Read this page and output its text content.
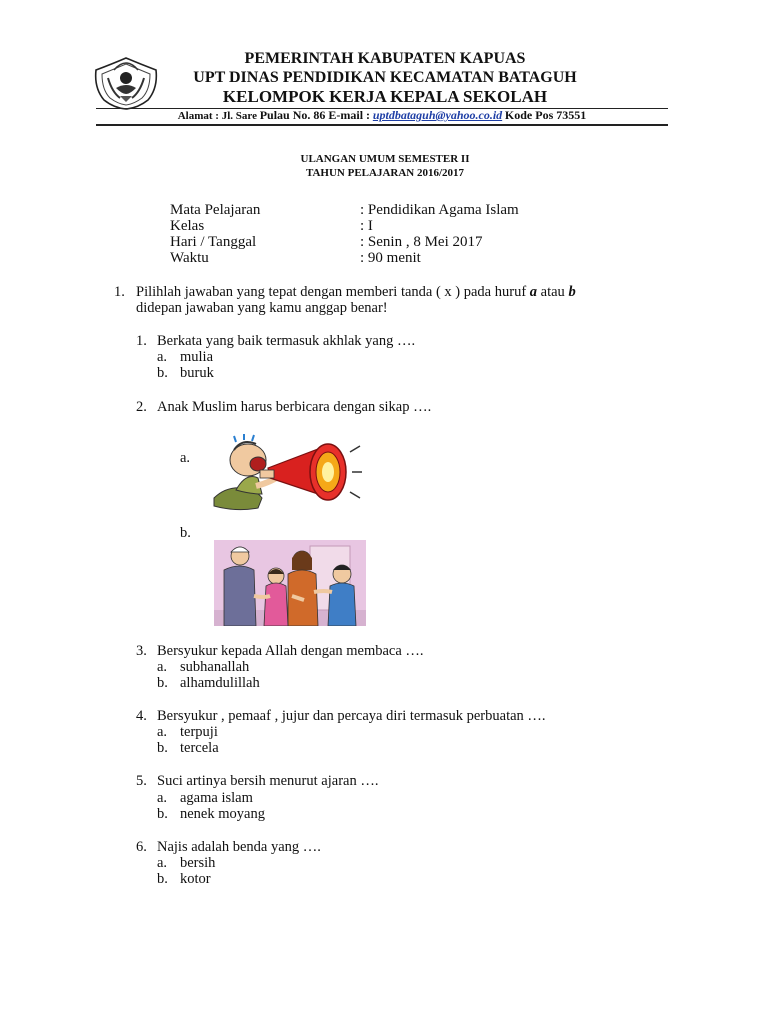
PEMERINTAH KABUPATEN KAPUAS
UPT DINAS PENDIDIKAN KECAMATAN BATAGUH
KELOMPOK KERJA KEPALA SEKOLAH
Alamat : Jl. Sare Pulau No. 86 E-mail : uptdbataguh@yahoo.co.id Kode Pos 73551
ULANGAN UMUM SEMESTER II
TAHUN PELAJARAN 2016/2017
Mata Pelajaran	: Pendidikan Agama Islam
Kelas	: I
Hari / Tanggal	: Senin , 8 Mei 2017
Waktu	: 90 menit
1. Pilihlah jawaban yang tepat dengan memberi tanda ( x ) pada huruf a atau b
didepan jawaban yang kamu anggap benar!
1. Berkata yang baik termasuk akhlak yang ….
a. mulia
b. buruk
2. Anak Muslim harus berbicara dengan sikap ….
a.
b.
3. Bersyukur kepada Allah dengan membaca ….
a. subhanallah
b. alhamdulillah
4. Bersyukur , pemaaf , jujur dan percaya diri termasuk perbuatan ….
a. terpuji
b. tercela
5. Suci artinya bersih menurut ajaran ….
a. agama islam
b. nenek moyang
6. Najis adalah benda yang ….
a. bersih
b. kotor
